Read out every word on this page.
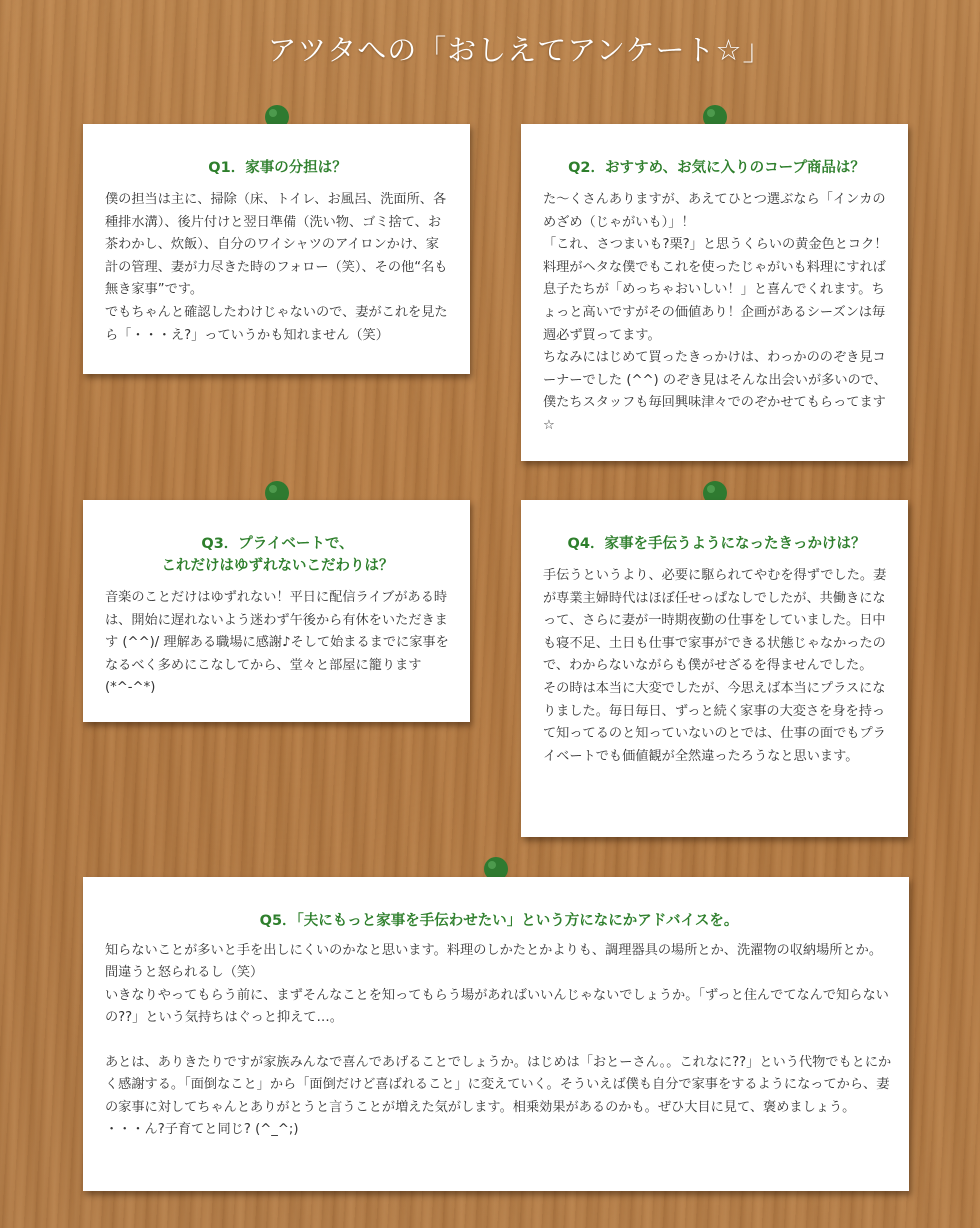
アツタへの「おしえてアンケート☆」
Q1．家事の分担は？

僕の担当は主に、掃除（床、トイレ、お風呂、洗面所、各種排水溝）、後片付けと翌日準備（洗い物、ゴミ捨て、お茶わかし、炊飯）、自分のワイシャツのアイロンかけ、家計の管理、妻が力尽きた時のフォロー（笑）、その他“名も無き家事”です。
でもちゃんと確認したわけじゃないので、妻がこれを見たら「・・・え?」っていうかも知れません（笑）

Q2．おすすめ、お気に入りのコープ商品は？

た～くさんありますが、あえてひとつ選ぶなら「インカのめざめ（じゃがいも）」！
「これ、さつまいも?栗?」と思うくらいの黄金色とコク！料理がヘタな僕でもこれを使ったじゃがいも料理にすれば息子たちが「めっちゃおいしい！」と喜んでくれます。ちょっと高いですがその価値あり！企画があるシーズンは毎週必ず買ってます。
ちなみにはじめて買ったきっかけは、わっかののぞき見コーナーでした (^^) のぞき見はそんな出会いが多いので、僕たちスタッフも毎回興味津々でのぞかせてもらってます☆

Q3．プライベートで、
これだけはゆずれないこだわりは？

音楽のことだけはゆずれない！平日に配信ライブがある時は、開始に遅れないよう迷わず午後から有休をいただきます (^^)/ 理解ある職場に感謝♪そして始まるまでに家事をなるべく多めにこなしてから、堂々と部屋に籠ります (*^-^*)

Q4．家事を手伝うようになったきっかけは？

手伝うというより、必要に駆られてやむを得ずでした。妻が専業主婦時代はほぼ任せっぱなしでしたが、共働きになって、さらに妻が一時期夜勤の仕事をしていました。日中も寝不足、土日も仕事で家事ができる状態じゃなかったので、わからないながらも僕がせざるを得ませんでした。
その時は本当に大変でしたが、今思えば本当にプラスになりました。毎日毎日、ずっと続く家事の大変さを身を持って知ってるのと知っていないのとでは、仕事の面でもプライベートでも価値観が全然違ったろうなと思います。

Q5．「夫にもっと家事を手伝わせたい」という方になにかアドバイスを。

知らないことが多いと手を出しにくいのかなと思います。料理のしかたとかよりも、調理器具の場所とか、洗濯物の収納場所とか。間違うと怒られるし（笑）
いきなりやってもらう前に、まずそんなことを知ってもらう場があればいいんじゃないでしょうか。「ずっと住んでてなんで知らないの??」という気持ちはぐっと抑えて…。

あとは、ありきたりですが家族みんなで喜んであげることでしょうか。はじめは「おとーさん。。これなに??」という代物でもとにかく感謝する。「面倒なこと」から「面倒だけど喜ばれること」に変えていく。そういえば僕も自分で家事をするようになってから、妻の家事に対してちゃんとありがとうと言うことが増えた気がします。相乗効果があるのかも。ぜひ大目に見て、褒めましょう。
・・・ん?子育てと同じ? (^_^;)
